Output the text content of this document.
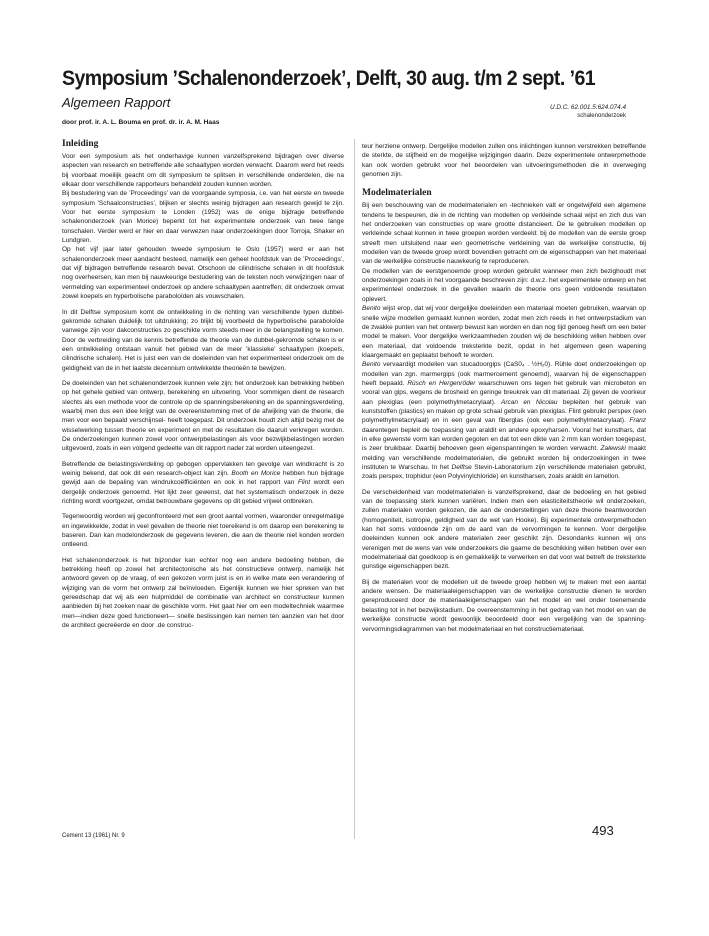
Symposium ’Schalenonderzoek’, Delft, 30 aug. t/m 2 sept. ’61
Algemeen Rapport	U.D.C. 62.001.5:624.074.4
schalenonderzoek
door prof. ir. A. L. Bouma en prof. dr. ir. A. M. Haas
Inleiding

Voor een symposium als het onderhavige kunnen vanzelfsprekend bijdragen over diverse aspecten van research en betreffende alle schaaltypen worden verwacht. Daarom werd het reeds bij voorbaat moeilijk geacht om dit symposium te splitsen in verschillende onderdelen, die na elkaar door verschillende rapporteurs behandeld zouden kunnen worden.

Bij bestudering van de ’Proceedings’ van de voorgaande symposia, i.e. van het eerste en tweede symposium ’Schaalconstructies’, blijken er slechts weinig bijdragen aan research gewijd te zijn. Voor het eerste symposium te Londen (1952) was de enige bijdrage betreffende schalenonderzoek (van Morice) beperkt tot het experimentele onderzoek van twee lange tonschalen. Verder werd er hier en daar verwezen naar onderzoekingen door Torroja, Shaker en Lundgren.

Op het vijf jaar later gehouden tweede symposium te Oslo (1957) werd er aan het schalenonderzoek meer aandacht besteed, namelijk een geheel hoofdstuk van de ’Proceedings’, dat vijf bijdragen betreffende research bevat. Otschoon de cilindrische schalen in dit hoofdstuk nog overheersen, kan men bij nauwkeurige bestudering van de teksten noch verwijzingen naar of vermelding van experimenteel onderzoek op andere schaaltypen aantreffen; dit onderzoek omvat zowel koepels en hyperbolische paraboloïden als vouwschalen.

In dit Delftse symposium komt de ontwikkeling in de richting van verschillende typen dubbel-gekromde schalen duidelijk tot uitdrukking; zo blijkt bij voorbeeld de hyperbolische paraboloïde vanwege zijn voor dakconstructies zo geschikte vorm steeds meer in de belangstelling te komen. Door de verbreiding van de kennis betreffende de theorie van de dubbel-gekromde schalen is er een ontwikkeling ontstaan vanuit het gebied van de meer ’klassieke’ schaaltypen (koepels, cilindrische schalen). Het is juist een van de doeleinden van het experimenteel onderzoek om de geldigheid van de in het laatste decennium ontwikkelde theorieën te bewijzen.

De doeleinden van het schalenonderzoek kunnen vele zijn; het onderzoek kan betrekking hebben op het gehele gebied van ontwerp, berekening en uitvoering. Voor sommigen dient de research slechts als een methode voor de controle op de spanningsberekening en de spanningsverdeling, waarbij men dus een idee krijgt van de overeenstemming met of de afwijking van de theorie, die men voor een bepaald verschijnsel- heeft toegepast. Dit onderzoek houdt zich altijd bezig met de wisselwerking tussen theorie en experiment en met de resultaten die daaruit verkregen worden. De onderzoekingen kunnen zowel voor ontwerpbelastingen als voor bezwijkbelastingen worden uitgevoerd, zoals in een volgend gedeelte van dit rapport nader zal worden uiteengezet.

Betreffende de belastingsverdeling op gebogen oppervlakken ten gevolge van windkracht is zo weinig bekend, dat ook dit een research-object kan zijn. Booth en Morice hebben hun bijdrage gewijd aan de bepaling van windrukcoëfficiënten en ook in het rapport van Flint wordt een dergelijk onderzoek genoemd. Het lijkt zeer gewenst, dat het systematisch onderzoek in deze richting wordt voortgezet, omdat betrouwbare gegevens op dit gebied vrijwel ontbreken.

Tegenwoordig worden wij geconfronteerd met een groot aantal vormen, waaronder onregelmatige en ingewikkelde, zodat in veel gevallen de theorie niet toereikend is om daarop een berekening te baseren. Dan kan modelonderzoek de gegevens leveren, die aan de theorie niet konden worden ontleend.

Het schalenonderzoek is het bijzonder kan echter nog een andere bedoeling hebben, die betrekking heeft op zowel het architectonische als het constructieve ontwerp, namelijk het antwoord geven op de vraag, of een gekozen vorm juist is en in welke mate een verandering of wijziging van de vorm het ontwerp zal beïnvloeden. Eigenlijk kunnen we hier spreken van het gereedschap dat wij als een hulpmiddel de combinatie van architect en constructeur kunnen aanbieden bij het zoeken naar de geschikte vorm. Het gaat hier om een modeltechniek waarmee men—indien deze goed functioneert— snelle beslissingen kan nemen ten aanzien van het door de architect gecreëerde en door .de construc-

teur herziene ontwerp. Dergelijke modellen zullen ons inlichtingen kunnen verstrekken betreffende de sterkte, de stijfheid en de mogelijke wijzigingen daarin. Deze experimentele ontwerpmethode kan ook worden gebruikt voor het beoordelen van uitvoeringsmethoden die in overweging genomen zijn.

Modelmaterialen

Bij een beschouwing van de modelmaterialen en -technieken valt er ongetwijfeld een algemene tendens te bespeuren, die in de richting van modellen op verkleinde schaal wijst en zich dus van het onderzoeken van constructies op ware grootte distancieert. De te gebruiken modellen op verkleinde schaal kunnen in twee groepen worden verdeeld: bij de modellen van de eerste groep streeft men uitsluitend naar een geometrische verkleining van de werkelijke constructie, bij modellen van de tweede groep wordt bovendien getracht om de eigenschappen van het materiaal van de werkelijke constructie nauwkeurig te reproduceren.

De modellen van de eerstgenoemde groep worden gebruikt wanneer men zich bezighoudt met onderzoekingen zoals in het voorgaande beschreven zijn: d.w.z. het experimentele ontwerp en het experimenteel onderzoek in die gevallen waarin de theorie ons geen voldoende resultaten oplevert.

Benito wijst erop, dat wij voor dergelijke doeleinden een materiaal moeten gebruiken, waarvan op snelle wijze modellen gemaakt kunnen worden, zodat men zich reeds in het ontwerpstadium van de zwakke punten van het ontwerp bewust kan worden en dan nog tijd genoeg heeft om een beter model te maken. Voor dergelijke werkzaamheden zouden wij de beschikking willen hebben over een materiaal, dat voldoende treksterkte bezit, opdat in het algemeen geen wapening klaargemaakt en geplaatst behoeft te worden.

Benito vervaardigt modellen van stucadoorgips (CaS0₄ . ½H₂0). Rühle doet onderzoekingen op modellen van zgn. marmergips (ook marmercement genoemd), waarvan hij de eigenschappen heeft bepaald. Rüsch en Hergenröder waarschuwen ons tegen het gebruik van microbeton en vooral van gips, wegens de brosheid en geringe breukrek van dit materiaal. Zij geven de voorkeur aan plexiglas (een polymethylmetacrylaat). Arcan en Nicolau bepleiten het gebruik van kunststoffen (plastics) en maken op grote schaal gebruik van plexiglas. Flint gebruikt perspex (een polymethylmetacrylaat) en in een geval van fiberglas (ook een polymethylmetacrylaat). Franz daarentegen bepleit de toepassing van araldit en andere epoxyharsen. Vooral het kunsthars, dat in elke gewenste vorm kan worden gegoten en dat tot een dikte van 2 mm kan worden toegepast, is zeer bruikbaar. Daarbij behoeven geen eigenspanningen te worden verwacht. Zalewski maakt melding van verschillende modelmaterialen, die gebruikt worden bij onderzoekingen in twee instituten te Warschau. In het Delftse Stevin-Laboratorium zijn verschillende materialen gebruikt, zoals perspex, trophidur (een Polyvinylchloride) en kunstharsen, zoals araldit en lamellon.

De verscheidenheid van modelmaterialen is vanzelfsprekend, daar de bedoeling en het gebied van de toepassing sterk kunnen variëren. Indien men een elasticiteitstheorie wil onderzoeken, zullen materialen worden gekozen, die aan de ondersteltingen van deze theorie beantwoorden (homogeniteit, isotropie, geldigheid van de wet van Hooke). Bij experimentele ontwerpmethoden kan het soms voldoende zijn om de aard van de vervormingen te kennen. Voor dergelijke doeleinden kunnen ook andere materialen zeer geschikt zijn. Desondanks kunnen wij ons verenigen met de wens van vele onderzoekers die gaarne de beschikking willen hebben over een modelmateriaal dat goedkoop is en gemakkelijk te verwerken en dat voor wat betreft de treksterkte gunstige eigenschappen bezit.

Bij de materialen voor de modellen uit de tweede groep hebben wij te maken met een aantal andere wensen. De materiaaleigenschappen van de werkelijke constructie dienen te worden gereproduceerd door de materiaaleigenschappen van het model en wel onder toenemende belasting tot in het bezwijkstadium. De overeenstemming in het gedrag van het model en van de werkelijke constructie wordt gewoonlijk beoordeeld door een vergelijking van de spanning-vervormingsdiagrammen van het modelmateriaal en het constructiemateriaal.

Cement 13 (1961) Nr. 9	493
